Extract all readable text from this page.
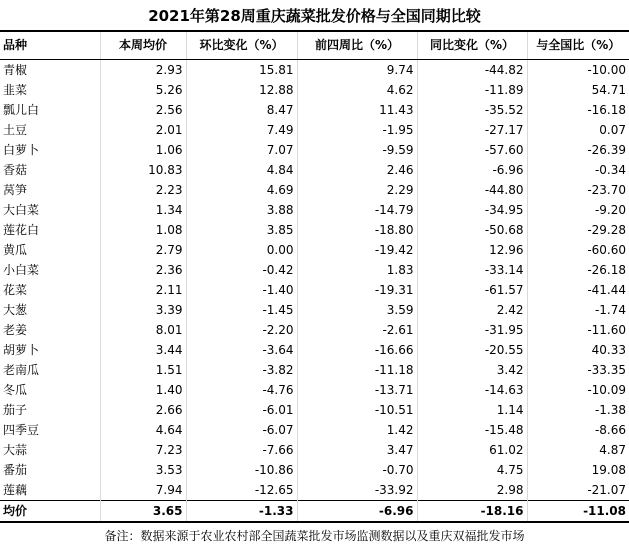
2021年第28周重庆蔬菜批发价格与全国同期比较
品种	本周均价	环比变化（%）	前四周比（%）	同比变化（%）	与全国比（%）
青椒	2.93	15.81	9.74	-44.82	-10.00
韭菜	5.26	12.88	4.62	-11.89	54.71
瓢儿白	2.56	8.47	11.43	-35.52	-16.18
土豆	2.01	7.49	-1.95	-27.17	0.07
白萝卜	1.06	7.07	-9.59	-57.60	-26.39
香菇	10.83	4.84	2.46	-6.96	-0.34
莴笋	2.23	4.69	2.29	-44.80	-23.70
大白菜	1.34	3.88	-14.79	-34.95	-9.20
莲花白	1.08	3.85	-18.80	-50.68	-29.28
黄瓜	2.79	0.00	-19.42	12.96	-60.60
小白菜	2.36	-0.42	1.83	-33.14	-26.18
花菜	2.11	-1.40	-19.31	-61.57	-41.44
大葱	3.39	-1.45	3.59	2.42	-1.74
老姜	8.01	-2.20	-2.61	-31.95	-11.60
胡萝卜	3.44	-3.64	-16.66	-20.55	40.33
老南瓜	1.51	-3.82	-11.18	3.42	-33.35
冬瓜	1.40	-4.76	-13.71	-14.63	-10.09
茄子	2.66	-6.01	-10.51	1.14	-1.38
四季豆	4.64	-6.07	1.42	-15.48	-8.66
大蒜	7.23	-7.66	3.47	61.02	4.87
番茄	3.53	-10.86	-0.70	4.75	19.08
莲藕	7.94	-12.65	-33.92	2.98	-21.07
均价	3.65	-1.33	-6.96	-18.16	-11.08
备注：数据来源于农业农村部全国蔬菜批发市场监测数据以及重庆双福批发市场
